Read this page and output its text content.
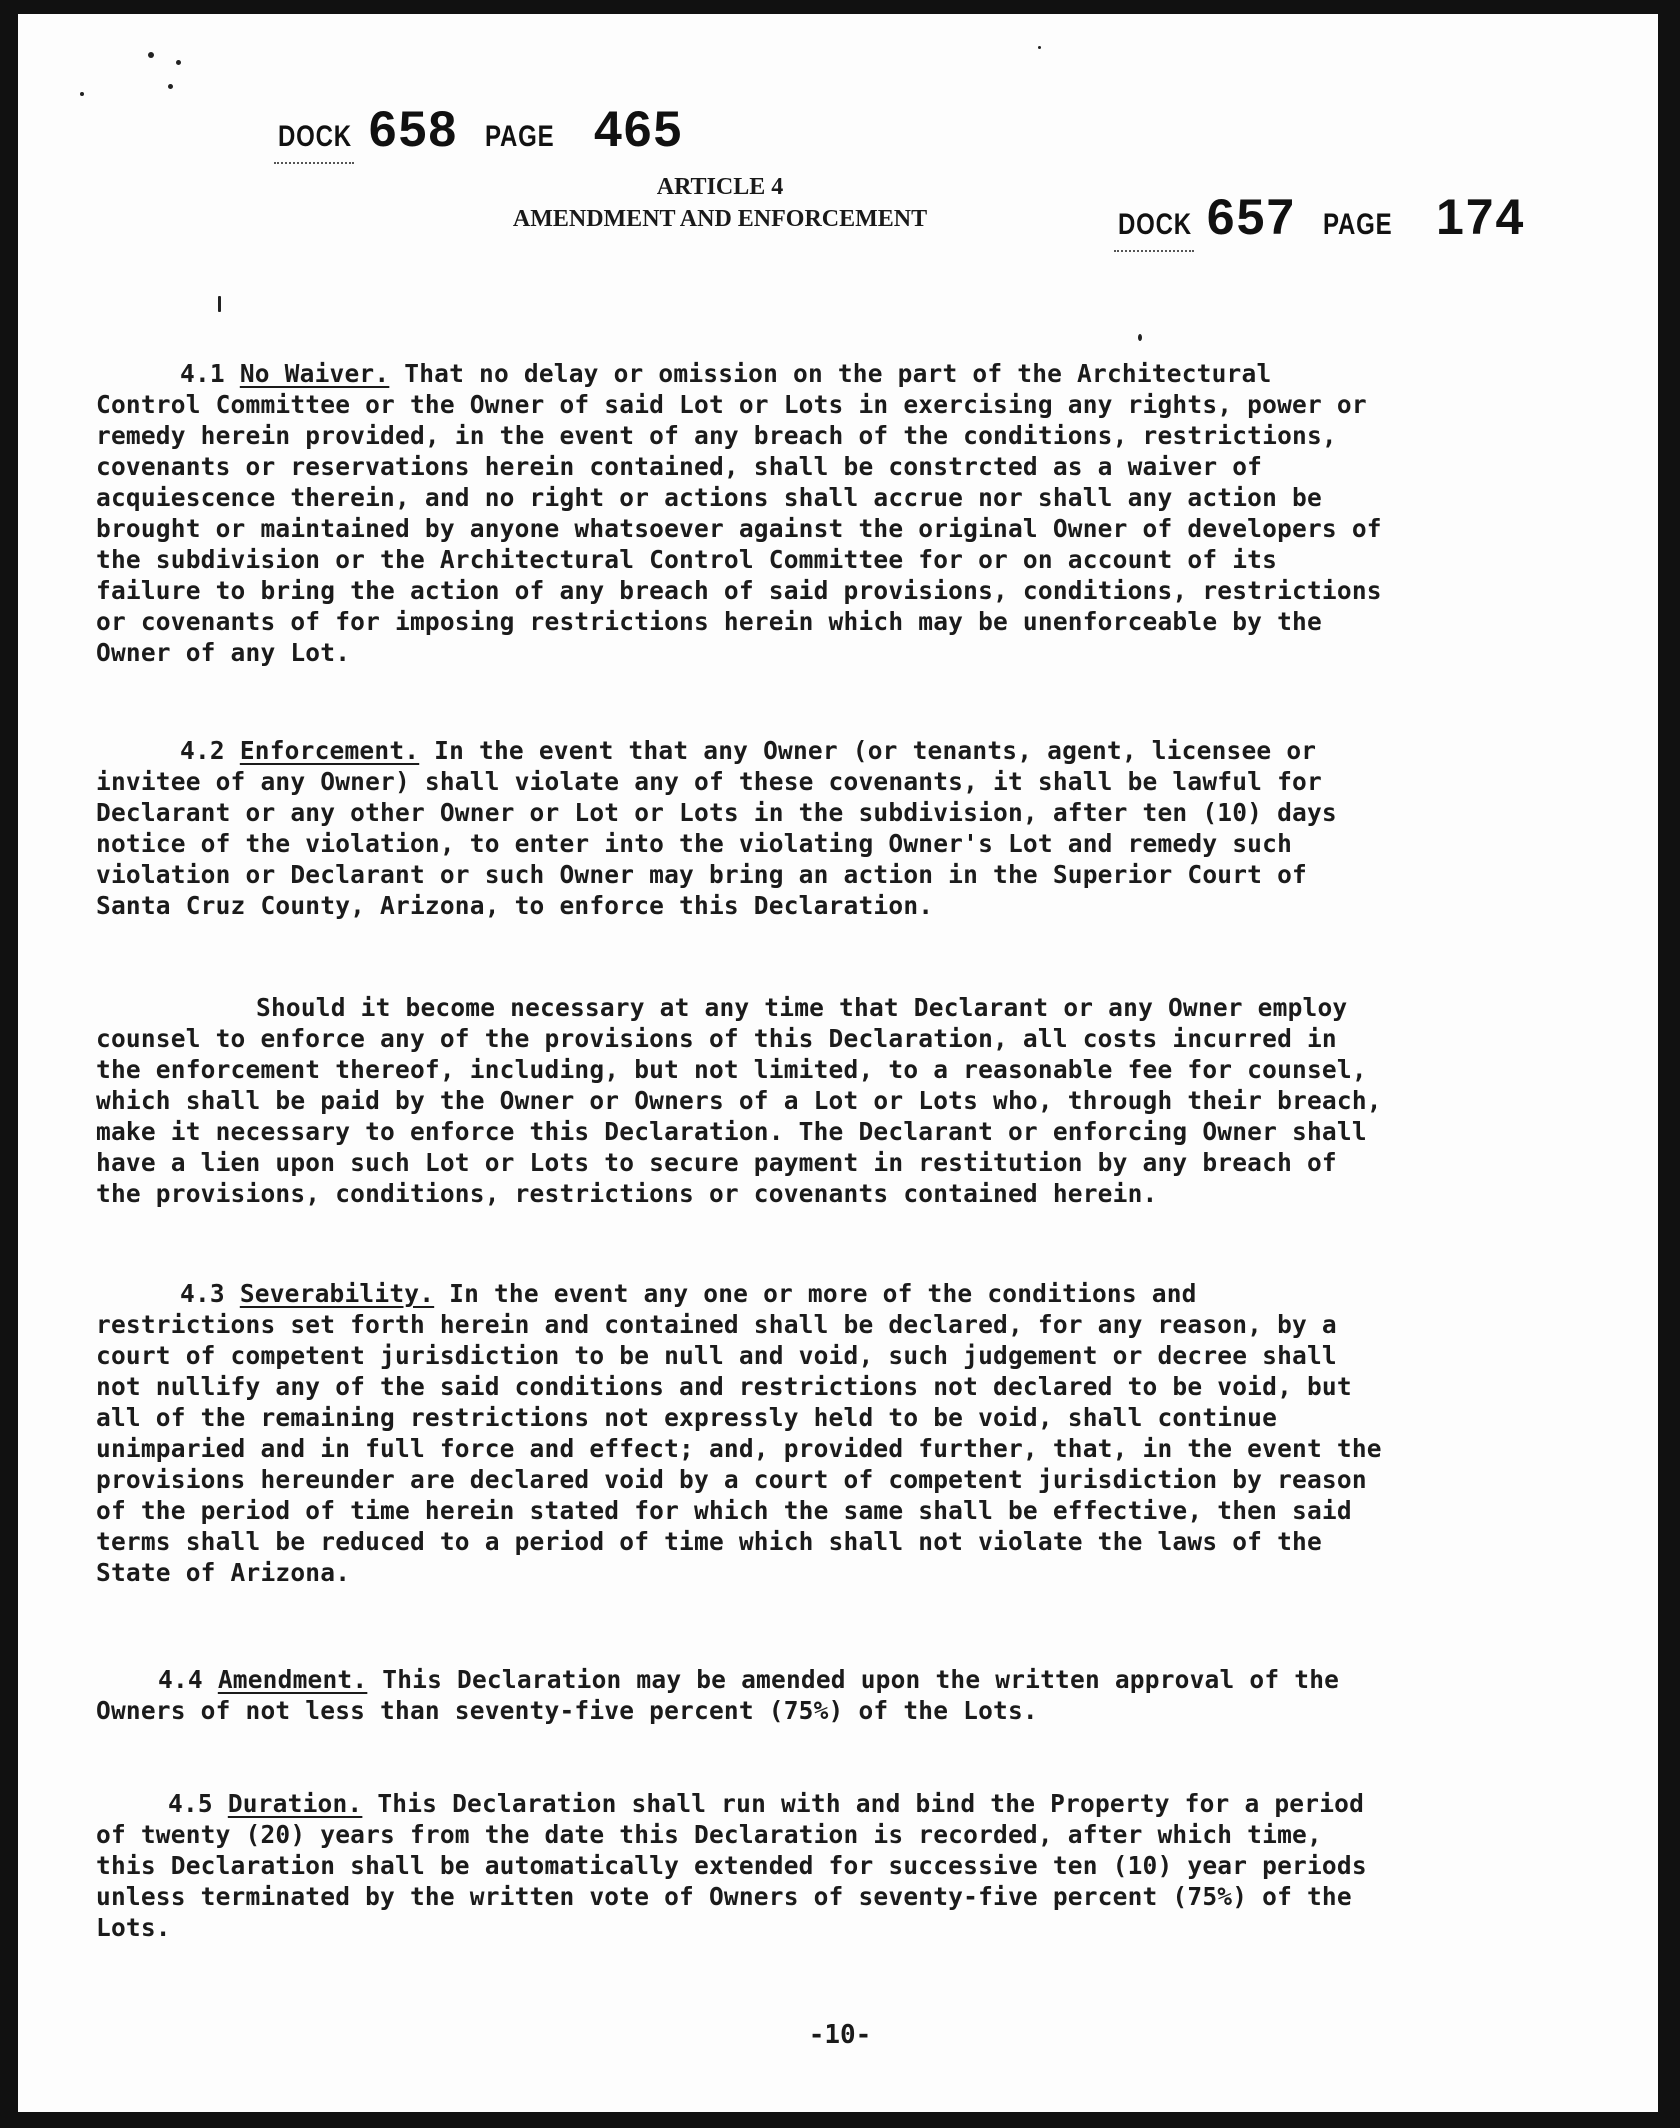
DOCK 658 PAGE 465
DOCK 657 PAGE 174
ARTICLE 4
AMENDMENT AND ENFORCEMENT

4.1 No Waiver. That no delay or omission on the part of the Architectural Control Committee or the Owner of said Lot or Lots in exercising any rights, power or remedy herein provided, in the event of any breach of the conditions, restrictions, covenants or reservations herein contained, shall be constrcted as a waiver of acquiescence therein, and no right or actions shall accrue nor shall any action be brought or maintained by anyone whatsoever against the original Owner of developers of the subdivision or the Architectural Control Committee for or on account of its failure to bring the action of any breach of said provisions, conditions, restrictions or covenants of for imposing restrictions herein which may be unenforceable by the Owner of any Lot.

4.2 Enforcement. In the event that any Owner (or tenants, agent, licensee or invitee of any Owner) shall violate any of these covenants, it shall be lawful for Declarant or any other Owner or Lot or Lots in the subdivision, after ten (10) days notice of the violation, to enter into the violating Owner's Lot and remedy such violation or Declarant or such Owner may bring an action in the Superior Court of Santa Cruz County, Arizona, to enforce this Declaration.

Should it become necessary at any time that Declarant or any Owner employ counsel to enforce any of the provisions of this Declaration, all costs incurred in the enforcement thereof, including, but not limited, to a reasonable fee for counsel, which shall be paid by the Owner or Owners of a Lot or Lots who, through their breach, make it necessary to enforce this Declaration. The Declarant or enforcing Owner shall have a lien upon such Lot or Lots to secure payment in restitution by any breach of the provisions, conditions, restrictions or covenants contained herein.

4.3 Severability. In the event any one or more of the conditions and restrictions set forth herein and contained shall be declared, for any reason, by a court of competent jurisdiction to be null and void, such judgement or decree shall not nullify any of the said conditions and restrictions not declared to be void, but all of the remaining restrictions not expressly held to be void, shall continue unimparied and in full force and effect; and, provided further, that, in the event the provisions hereunder are declared void by a court of competent jurisdiction by reason of the period of time herein stated for which the same shall be effective, then said terms shall be reduced to a period of time which shall not violate the laws of the State of Arizona.

4.4 Amendment. This Declaration may be amended upon the written approval of the Owners of not less than seventy-five percent (75%) of the Lots.

4.5 Duration. This Declaration shall run with and bind the Property for a period of twenty (20) years from the date this Declaration is recorded, after which time, this Declaration shall be automatically extended for successive ten (10) year periods unless terminated by the written vote of Owners of seventy-five percent (75%) of the Lots.

-10-
